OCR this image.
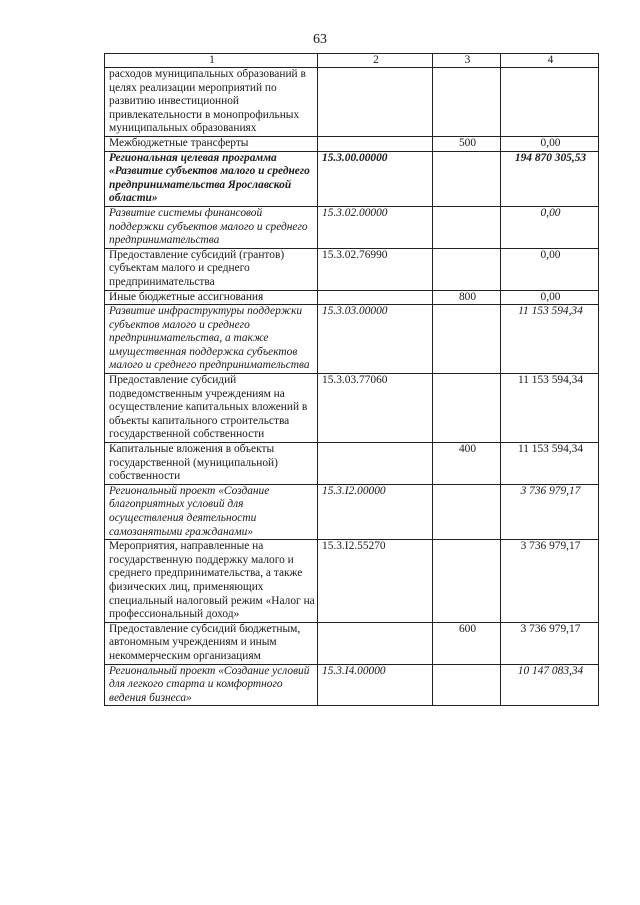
63
1	2	3	4
расходов муниципальных образований в целях реализации мероприятий по развитию инвестиционной привлекательности в монопрофильных муниципальных образованиях			
Межбюджетные трансферты		500	0,00
Региональная целевая программа «Развитие субъектов малого и среднего предпринимательства Ярославской области»	15.3.00.00000		194 870 305,53
Развитие системы финансовой поддержки субъектов малого и среднего предпринимательства	15.3.02.00000		0,00
Предоставление субсидий (грантов) субъектам малого и среднего предпринимательства	15.3.02.76990		0,00
Иные бюджетные ассигнования		800	0,00
Развитие инфраструктуры поддержки субъектов малого и среднего предпринимательства, а также имущественная поддержка субъектов малого и среднего предпринимательства	15.3.03.00000		11 153 594,34
Предоставление субсидий подведомственным учреждениям на осуществление капитальных вложений в объекты капитального строительства государственной собственности	15.3.03.77060		11 153 594,34
Капитальные вложения в объекты государственной (муниципальной) собственности		400	11 153 594,34
Региональный проект «Создание благоприятных условий для осуществления деятельности самозанятыми гражданами»	15.3.I2.00000		3 736 979,17
Мероприятия, направленные на государственную поддержку малого и среднего предпринимательства, а также физических лиц, применяющих специальный налоговый режим «Налог на профессиональный доход»	15.3.I2.55270		3 736 979,17
Предоставление субсидий бюджетным, автономным учреждениям и иным некоммерческим организациям		600	3 736 979,17
Региональный проект «Создание условий для легкого старта и комфортного ведения бизнеса»	15.3.I4.00000		10 147 083,34
